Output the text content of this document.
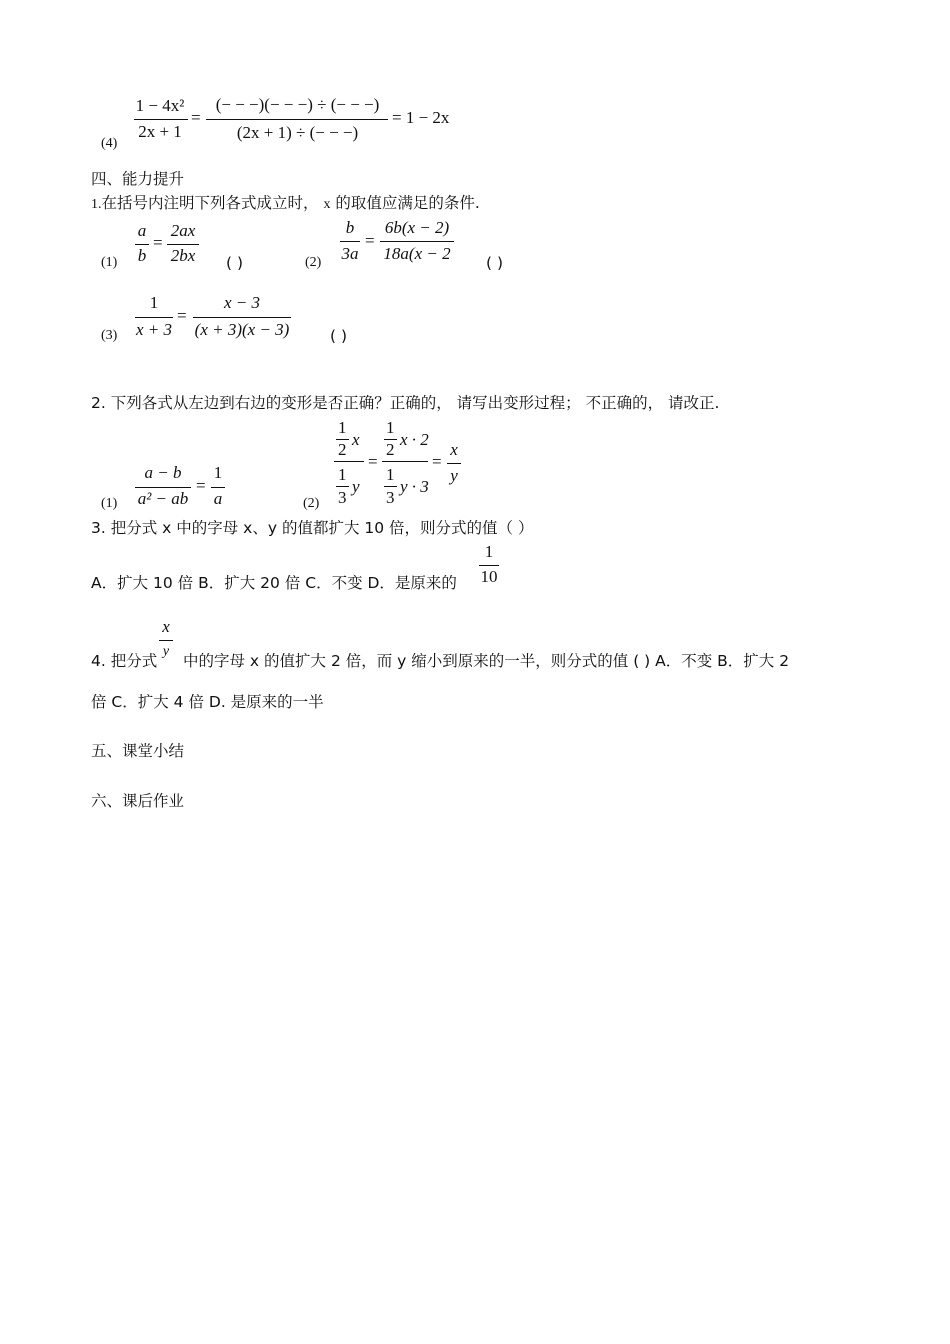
(4)
1 − 4x²
2x + 1
=
(− − −)(− − −) ÷ (− − −)
(2x + 1) ÷ (− − −)
= 1 − 2x
四、能力提升
1.在括号内注明下列各式成立时， x 的取值应满足的条件.
(1)
a
b
=
2ax
2bx	( )	(2)
b
3a
=
6b(x − 2)
18a(x − 2	( )
(3)
1
x + 3
=
x − 3
(x + 3)(x − 3)	( )
2. 下列各式从左边到右边的变形是否正确？正确的， 请写出变形过程； 不正确的， 请改正.
(1)
a − b
a² − ab
=
1
a	(2)
1
2
x
1
3
y
=
1
2
x · 2
1
3
y · 3
=
x
y
3. 把分式 x 中的字母 x、y 的值都扩大 10 倍，则分式的值（ ）
A．扩大 10 倍 B．扩大 20 倍 C．不变 D．是原来的
1
10
x
y
4. 把分式 中的字母 x 的值扩大 2 倍，而 y 缩小到原来的一半，则分式的值 ( ) A．不变 B．扩大 2
倍 C．扩大 4 倍 D. 是原来的一半
五、课堂小结
六、课后作业
